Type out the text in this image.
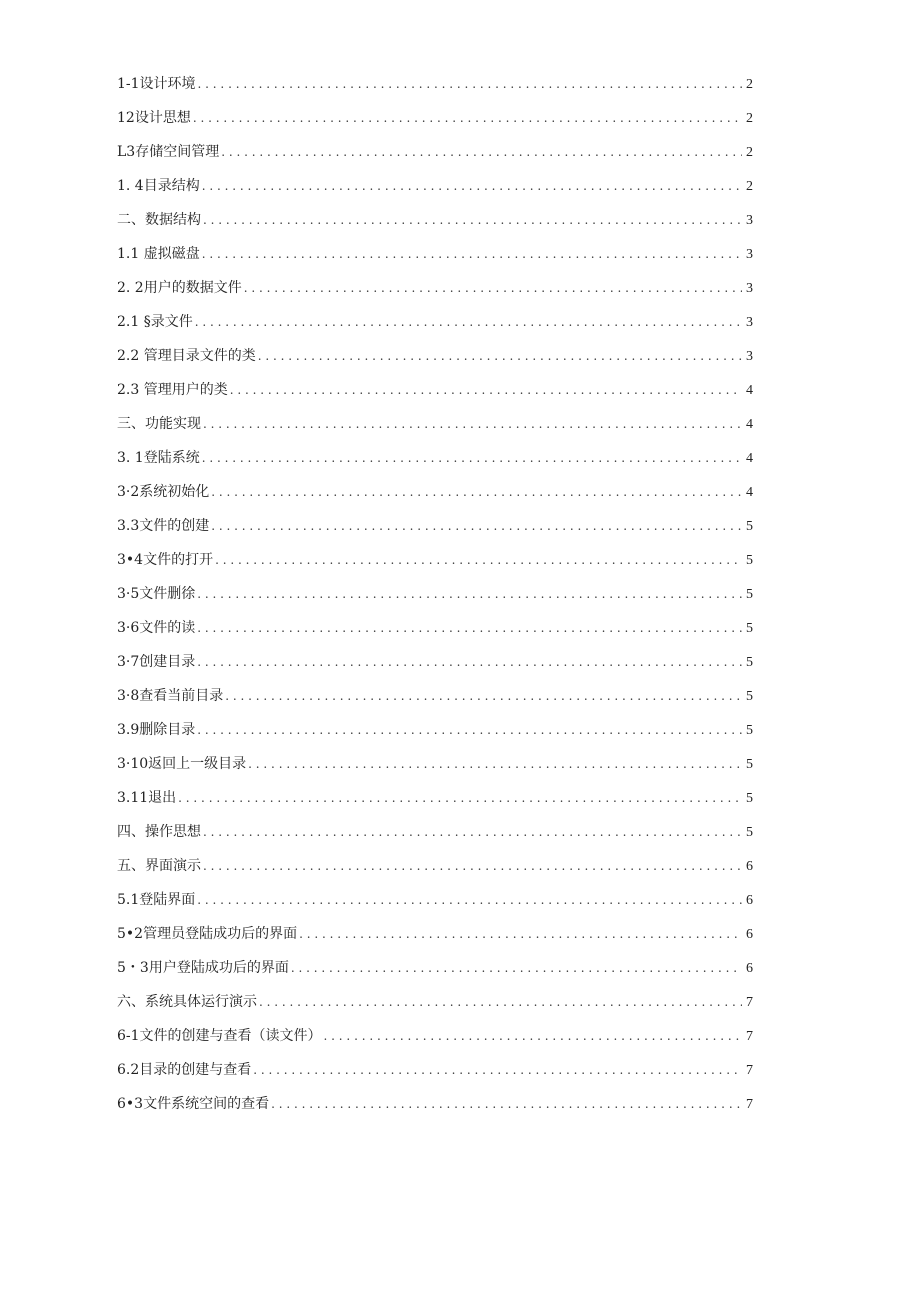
1-1设计环境 . . .	2
12设计思想 . . .	2
L3存储空间管理 . . .	2
1. 4目录结构 . . .	2
二、数据结构 . . .	3
1.1 虚拟磁盘 . . .	3
2. 2用户的数据文件 . . .	3
2.1 §录文件 . . .	3
2.2 管理目录文件的类 . . .	3
2.3 管理用户的类 . . .	4
三、功能实现 . . .	4
3. 1登陆系统 . . .	4
3·2系统初始化 . . .	4
3.3文件的创建 . . .	5
3•4文件的打开 . . .	5
3·5文件删徐 . . .	5
3·6文件的读 . . .	5
3·7创建目录 . . .	5
3·8查看当前目录 . . .	5
3.9删除目录 . . .	5
3·10返回上一级目录 . . .	5
3.11退出 . . .	5
四、操作思想 . . .	5
五、界面演示 . . .	6
5.1登陆界面 . . .	6
5•2管理员登陆成功后的界面 . . .	6
5・3用户登陆成功后的界面 . . .	6
六、系统具体运行演示 . . .	7
6-1文件的创建与查看（读文件） . . .	7
6.2目录的创建与查看 . . .	7
6•3文件系统空间的查看 . . .	7
